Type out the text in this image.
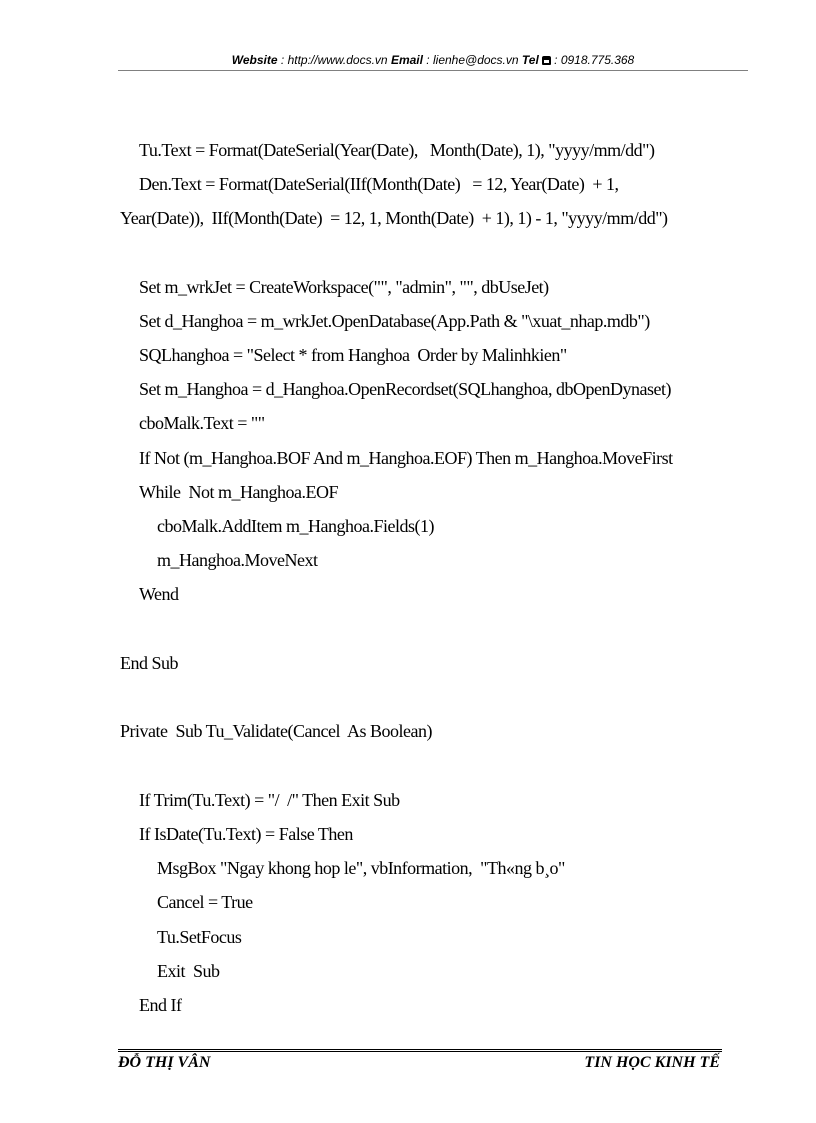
Website : http://www.docs.vn Email : lienhe@docs.vn Tel : 0918.775.368
Tu.Text = Format(DateSerial(Year(Date),   Month(Date), 1), "yyyy/mm/dd")
Den.Text = Format(DateSerial(IIf(Month(Date)   = 12, Year(Date)  + 1,
Year(Date)),  IIf(Month(Date)  = 12, 1, Month(Date)  + 1), 1) - 1, "yyyy/mm/dd")
Set m_wrkJet = CreateWorkspace("", "admin", "", dbUseJet)
Set d_Hanghoa = m_wrkJet.OpenDatabase(App.Path & "\xuat_nhap.mdb")
SQLhanghoa = "Select * from Hanghoa  Order by Malinhkien"
Set m_Hanghoa = d_Hanghoa.OpenRecordset(SQLhanghoa, dbOpenDynaset)
cboMalk.Text = ""
If Not (m_Hanghoa.BOF And m_Hanghoa.EOF) Then m_Hanghoa.MoveFirst
While  Not m_Hanghoa.EOF
cboMalk.AddItem m_Hanghoa.Fields(1)
m_Hanghoa.MoveNext
Wend
End Sub
Private  Sub Tu_Validate(Cancel  As Boolean)
If Trim(Tu.Text) = "/  /" Then Exit Sub
If IsDate(Tu.Text) = False Then
MsgBox "Ngay khong hop le", vbInformation,  "Th«ng b¸o"
Cancel = True
Tu.SetFocus
Exit  Sub
End If
ĐỖ THỊ VÂN	TIN HỌC KINH TẾ
